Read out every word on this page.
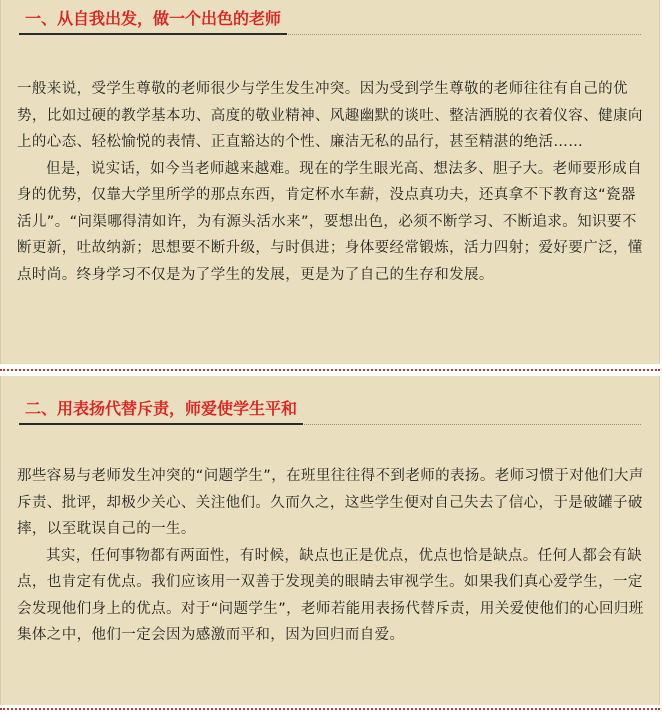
一、从自我出发，做一个出色的老师

一般来说，受学生尊敬的老师很少与学生发生冲突。因为受到学生尊敬的老师往往有自己的优势，比如过硬的教学基本功、高度的敬业精神、风趣幽默的谈吐、整洁洒脱的衣着仪容、健康向上的心态、轻松愉悦的表情、正直豁达的个性、廉洁无私的品行，甚至精湛的绝活……

但是，说实话，如今当老师越来越难。现在的学生眼光高、想法多、胆子大。老师要形成自身的优势，仅靠大学里所学的那点东西，肯定杯水车薪，没点真功夫，还真拿不下教育这“瓷器活儿”。“问渠哪得清如许，为有源头活水来”，要想出色，必须不断学习、不断追求。知识要不断更新，吐故纳新；思想要不断升级，与时俱进；身体要经常锻炼，活力四射；爱好要广泛，懂点时尚。终身学习不仅是为了学生的发展，更是为了自己的生存和发展。

二、用表扬代替斥责，师爱使学生平和

那些容易与老师发生冲突的“问题学生”，在班里往往得不到老师的表扬。老师习惯于对他们大声斥责、批评，却极少关心、关注他们。久而久之，这些学生便对自己失去了信心，于是破罐子破摔，以至耽误自己的一生。

其实，任何事物都有两面性，有时候，缺点也正是优点，优点也恰是缺点。任何人都会有缺点，也肯定有优点。我们应该用一双善于发现美的眼睛去审视学生。如果我们真心爱学生，一定会发现他们身上的优点。对于“问题学生”，老师若能用表扬代替斥责，用关爱使他们的心回归班集体之中，他们一定会因为感激而平和，因为回归而自爱。
